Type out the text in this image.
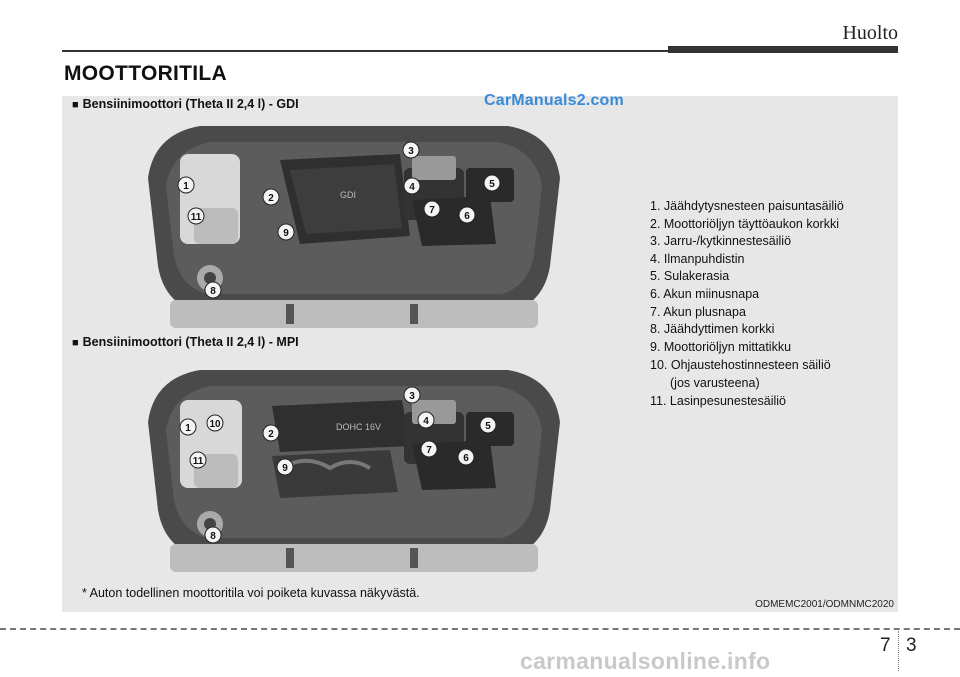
Huolto
MOOTTORITILA
■ Bensiinimoottori (Theta II 2,4 l) - GDI	CarManuals2.com
GDI
1
2
3
4	5
6
7
8
9
11
■ Bensiinimoottori (Theta II 2,4 l) - MPI
DOHC 16V
1 10
2
3
4	5
6
7
8
9
11
1. Jäähdytysnesteen paisuntasäiliö
2. Moottoriöljyn täyttöaukon korkki
3. Jarru-/kytkinnestesäiliö
4. Ilmanpuhdistin
5. Sulakerasia
6. Akun miinusnapa
7. Akun plusnapa
8. Jäähdyttimen korkki
9. Moottoriöljyn mittatikku
10. Ohjaustehostinnesteen säiliö
(jos varusteena)
11. Lasinpesunestesäiliö
* Auton todellinen moottoritila voi poiketa kuvassa näkyvästä.
ODMEMC2001/ODMNMC2020
7 3
carmanualsonline.info
